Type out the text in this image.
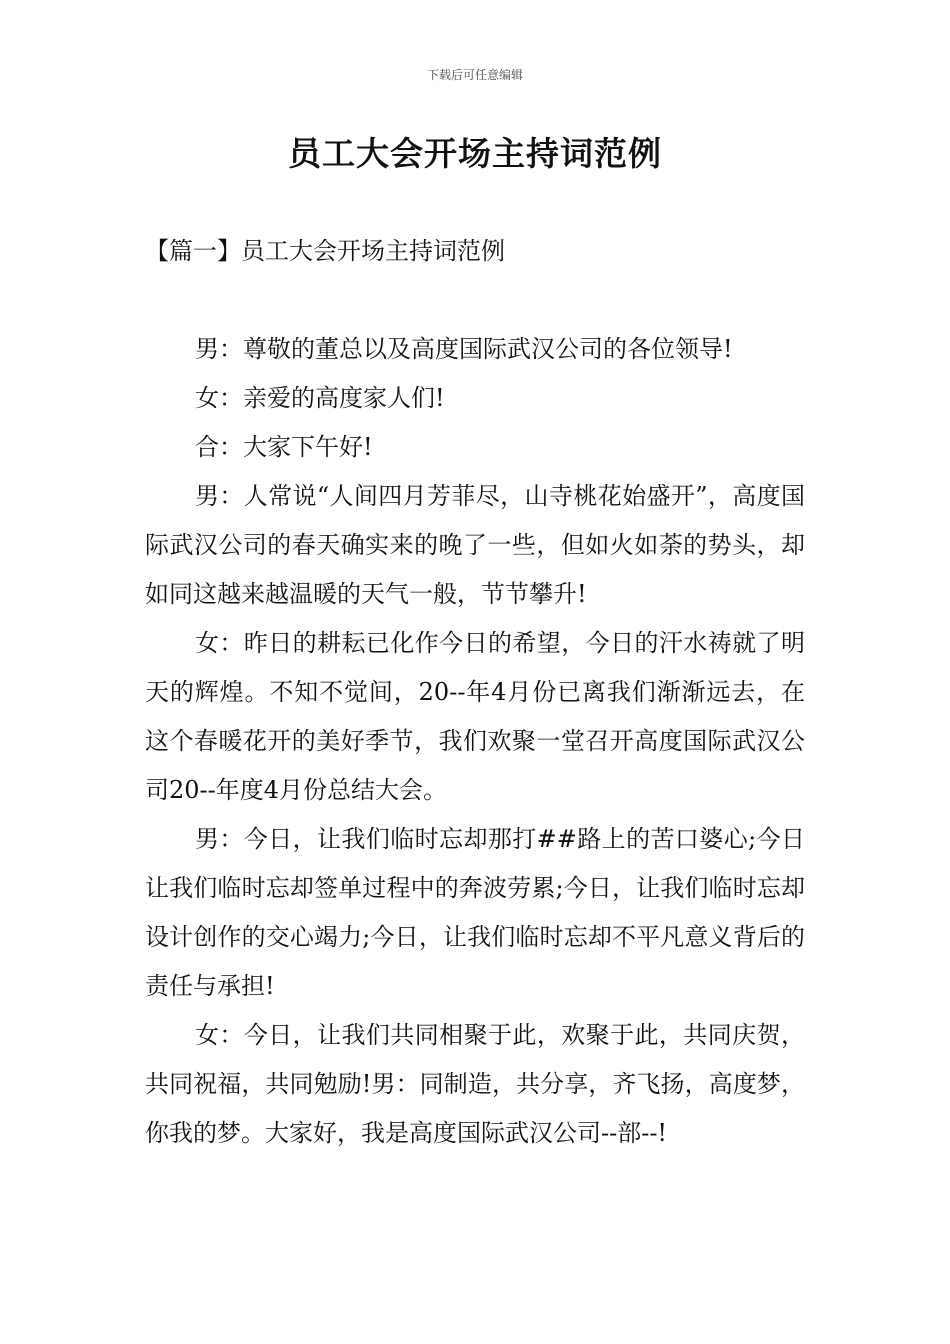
下载后可任意编辑
员工大会开场主持词范例
【篇一】员工大会开场主持词范例

男：尊敬的董总以及高度国际武汉公司的各位领导!

女：亲爱的高度家人们!

合：大家下午好!

男：人常说“人间四月芳菲尽，山寺桃花始盛开”，高度国际武汉公司的春天确实来的晚了一些，但如火如荼的势头，却如同这越来越温暖的天气一般，节节攀升!

女：昨日的耕耘已化作今日的希望，今日的汗水祷就了明天的辉煌。不知不觉间，20--年4月份已离我们渐渐远去，在这个春暖花开的美好季节，我们欢聚一堂召开高度国际武汉公司20--年度4月份总结大会。

男：今日，让我们临时忘却那打##路上的苦口婆心;今日让我们临时忘却签单过程中的奔波劳累;今日，让我们临时忘却设计创作的交心竭力;今日，让我们临时忘却不平凡意义背后的责任与承担!

女：今日，让我们共同相聚于此，欢聚于此，共同庆贺，共同祝福，共同勉励!男：同制造，共分享，齐飞扬，高度梦，你我的梦。大家好，我是高度国际武汉公司--部--!
